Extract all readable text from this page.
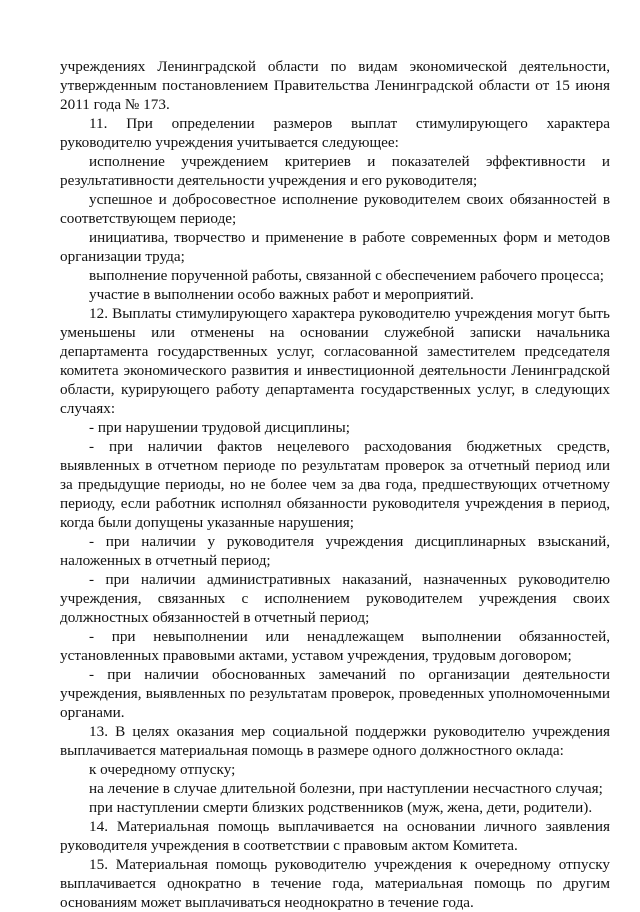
учреждениях Ленинградской области по видам экономической деятельности, утвержденным постановлением Правительства Ленинградской области от 15 июня 2011 года № 173.

11. При определении размеров выплат стимулирующего характера руководителю учреждения учитывается следующее:

исполнение учреждением критериев и показателей эффективности и результативности деятельности учреждения и его руководителя;

успешное и добросовестное исполнение руководителем своих обязанностей в соответствующем периоде;

инициатива, творчество и применение в работе современных форм и методов организации труда;

выполнение порученной работы, связанной с обеспечением рабочего процесса;

участие в выполнении особо важных работ и мероприятий.

12. Выплаты стимулирующего характера руководителю учреждения могут быть уменьшены или отменены на основании служебной записки начальника департамента государственных услуг, согласованной заместителем председателя комитета экономического развития и инвестиционной деятельности Ленинградской области, курирующего работу департамента государственных услуг, в следующих случаях:

- при нарушении трудовой дисциплины;

- при наличии фактов нецелевого расходования бюджетных средств, выявленных в отчетном периоде по результатам проверок за отчетный период или за предыдущие периоды, но не более чем за два года, предшествующих отчетному периоду, если работник исполнял обязанности руководителя учреждения в период, когда были допущены указанные нарушения;

- при наличии у руководителя учреждения дисциплинарных взысканий, наложенных в отчетный период;

- при наличии административных наказаний, назначенных руководителю учреждения, связанных с исполнением руководителем учреждения своих должностных обязанностей в отчетный период;

- при невыполнении или ненадлежащем выполнении обязанностей, установленных правовыми актами, уставом учреждения, трудовым договором;

- при наличии обоснованных замечаний по организации деятельности учреждения, выявленных по результатам проверок, проведенных уполномоченными органами.

13. В целях оказания мер социальной поддержки руководителю учреждения выплачивается материальная помощь в размере одного должностного оклада:

к очередному отпуску;

на лечение в случае длительной болезни, при наступлении несчастного случая;

при наступлении смерти близких родственников (муж, жена, дети, родители).

14. Материальная помощь выплачивается на основании личного заявления руководителя учреждения в соответствии с правовым актом Комитета.

15. Материальная помощь руководителю учреждения к очередному отпуску выплачивается однократно в течение года, материальная помощь по другим основаниям может выплачиваться неоднократно в течение года.
